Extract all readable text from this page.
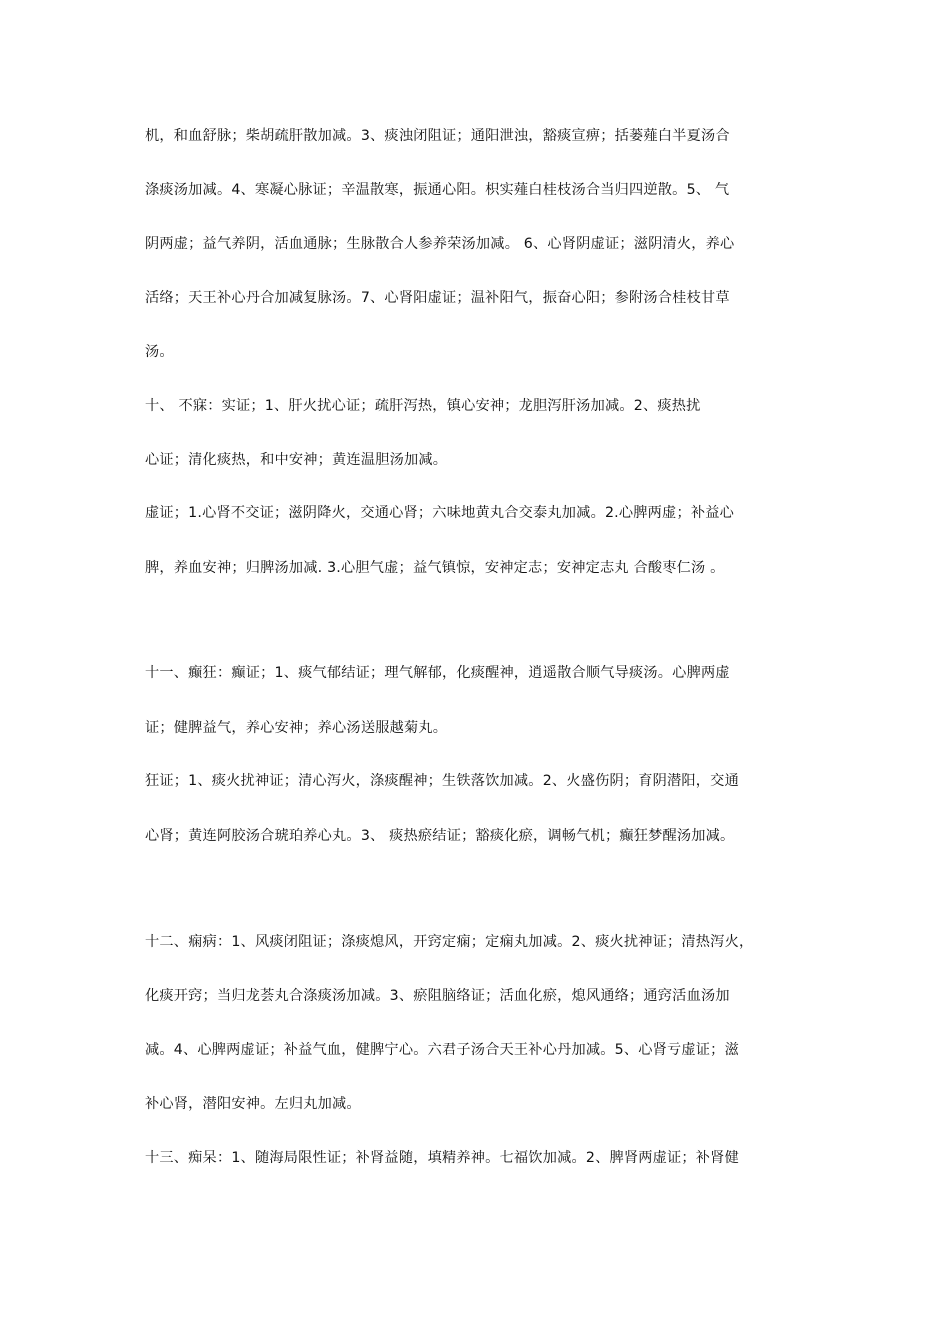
机，和血舒脉；柴胡疏肝散加减。3、痰浊闭阻证；通阳泄浊，豁痰宣痹；括蒌薤白半夏汤合
涤痰汤加减。4、寒凝心脉证；辛温散寒，振通心阳。枳实薤白桂枝汤合当归四逆散。5、 气
阴两虚；益气养阴，活血通脉；生脉散合人参养荣汤加减。 6、心肾阴虚证；滋阴清火，养心
活络；天王补心丹合加减复脉汤。7、心肾阳虚证；温补阳气，振奋心阳；参附汤合桂枝甘草
汤。
十、 不寐：实证；1、肝火扰心证；疏肝泻热，镇心安神；龙胆泻肝汤加减。2、痰热扰
心证；清化痰热，和中安神；黄连温胆汤加减。
虚证；1.心肾不交证；滋阴降火，交通心肾；六味地黄丸合交泰丸加减。2.心脾两虚；补益心
脾，养血安神；归脾汤加减. 3.心胆气虚；益气镇惊，安神定志；安神定志丸 合酸枣仁汤 。
十一、癫狂：癫证；1、痰气郁结证；理气解郁，化痰醒神，逍遥散合顺气导痰汤。心脾两虚
证；健脾益气，养心安神；养心汤送服越菊丸。
狂证；1、痰火扰神证；清心泻火，涤痰醒神；生铁落饮加减。2、火盛伤阴；育阴潜阳，交通
心肾；黄连阿胶汤合琥珀养心丸。3、 痰热瘀结证；豁痰化瘀，调畅气机；癫狂梦醒汤加减。
十二、痫病：1、风痰闭阻证；涤痰熄风，开窍定痫；定痫丸加减。2、痰火扰神证；清热泻火，
化痰开窍；当归龙荟丸合涤痰汤加减。3、瘀阻脑络证；活血化瘀，熄风通络；通窍活血汤加
减。4、心脾两虚证；补益气血，健脾宁心。六君子汤合天王补心丹加减。5、心肾亏虚证；滋
补心肾，潜阳安神。左归丸加减。
十三、痴呆：1、随海局限性证；补肾益随，填精养神。七福饮加减。2、脾肾两虚证；补肾健
